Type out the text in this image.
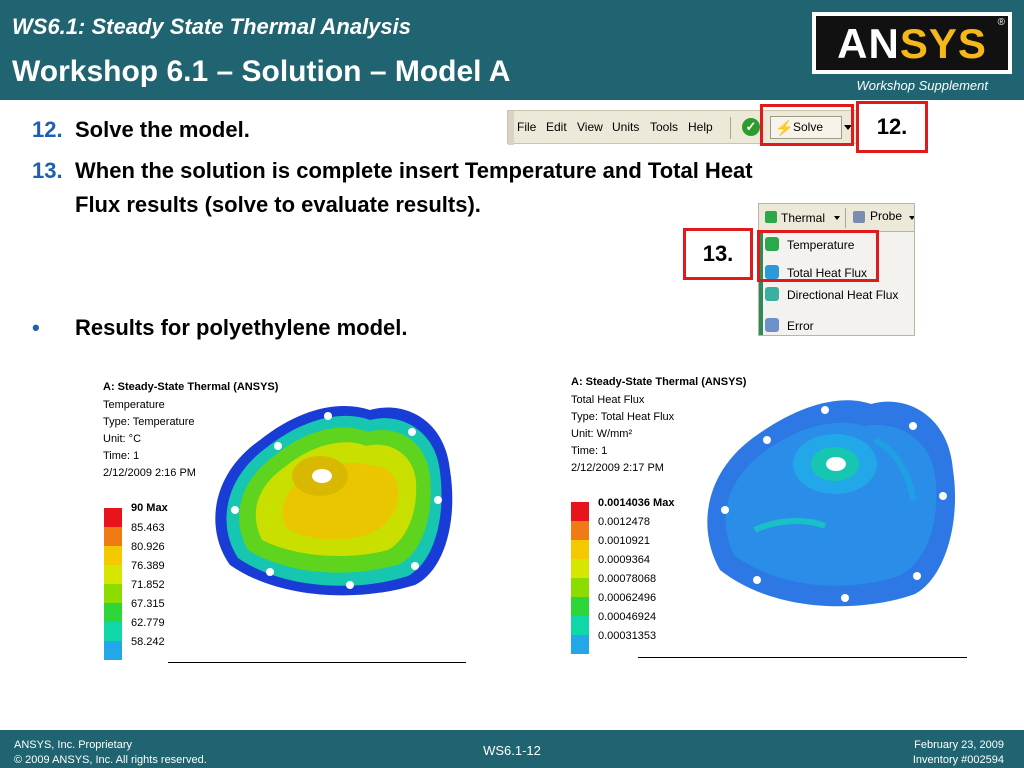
WS6.1: Steady State Thermal Analysis
Workshop 6.1 – Solution – Model A
ANSYS	®
Workshop Supplement
12. Solve the model.
13. When the solution is complete insert Temperature and Total Heat
Flux results (solve to evaluate results).
• Results for polyethylene model.
File Edit View Units Tools Help	✓ ⚡ Solve	12.
Thermal	Probe
Temperature
Total Heat Flux
Directional Heat Flux
Error
13.
A: Steady-State Thermal (ANSYS)
Temperature
Type: Temperature
Unit: °C
Time: 1
2/12/2009 2:16 PM
90 Max
85.463
80.926
76.389
71.852
67.315
62.779
58.242
A: Steady-State Thermal (ANSYS)
Total Heat Flux
Type: Total Heat Flux
Unit: W/mm²
Time: 1
2/12/2009 2:17 PM
0.0014036 Max
0.0012478
0.0010921
0.0009364
0.00078068
0.00062496
0.00046924
0.00031353
ANSYS, Inc. Proprietary
© 2009 ANSYS, Inc. All rights reserved.
WS6.1-12	February 23, 2009
Inventory #002594
